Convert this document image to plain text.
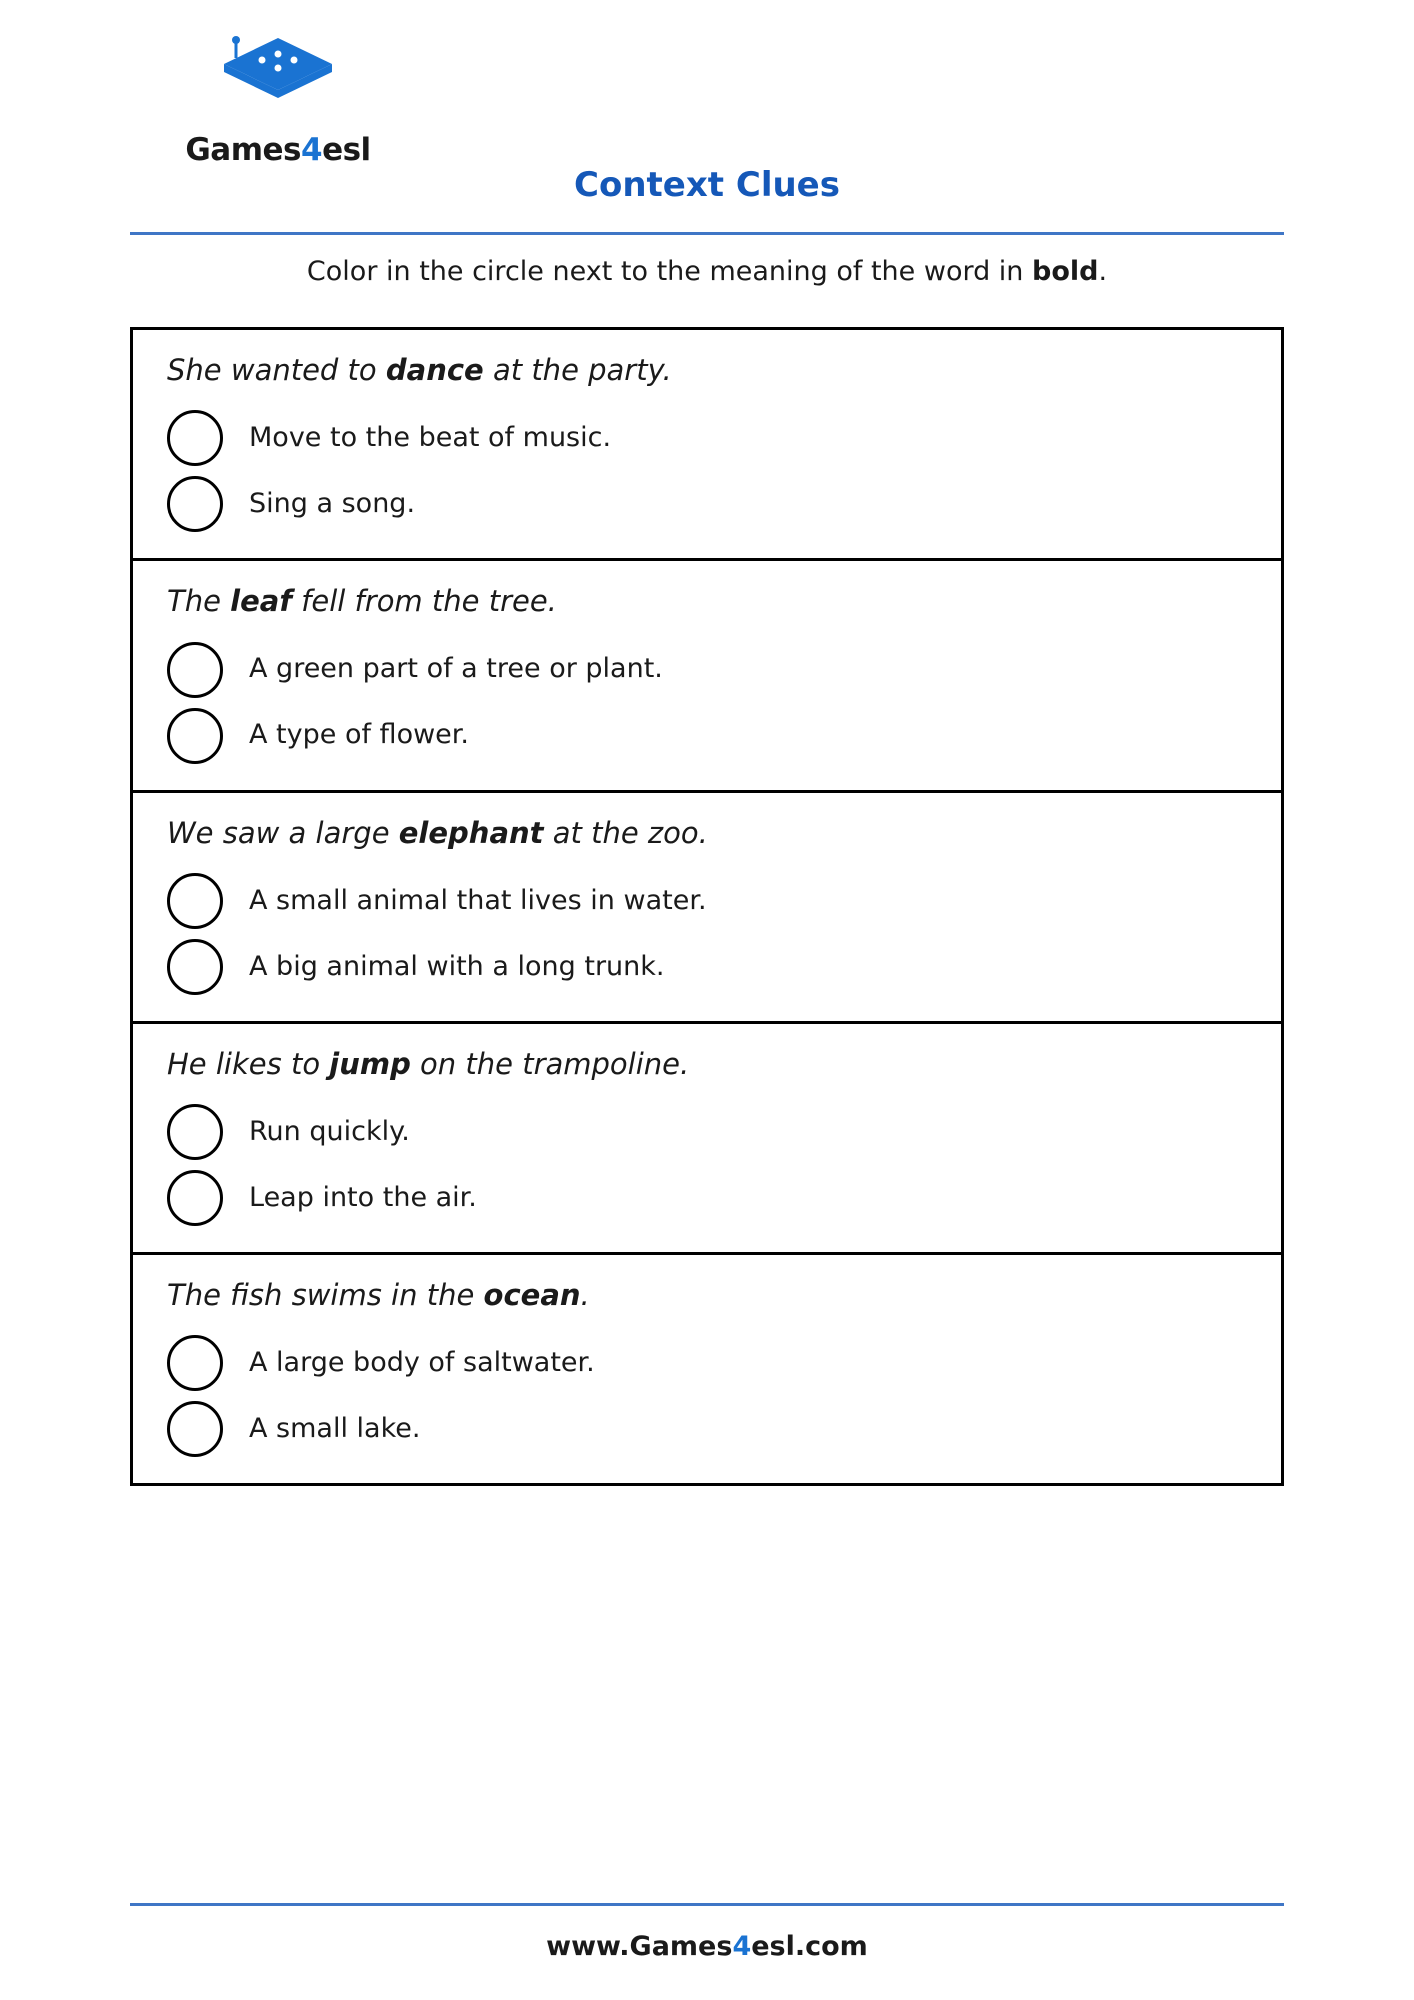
Games4esl
Context Clues
Color in the circle next to the meaning of the word in bold.
She wanted to dance at the party.
Move to the beat of music.
Sing a song.
The leaf fell from the tree.
A green part of a tree or plant.
A type of flower.
We saw a large elephant at the zoo.
A small animal that lives in water.
A big animal with a long trunk.
He likes to jump on the trampoline.
Run quickly.
Leap into the air.
The fish swims in the ocean.
A large body of saltwater.
A small lake.
www.Games4esl.com
